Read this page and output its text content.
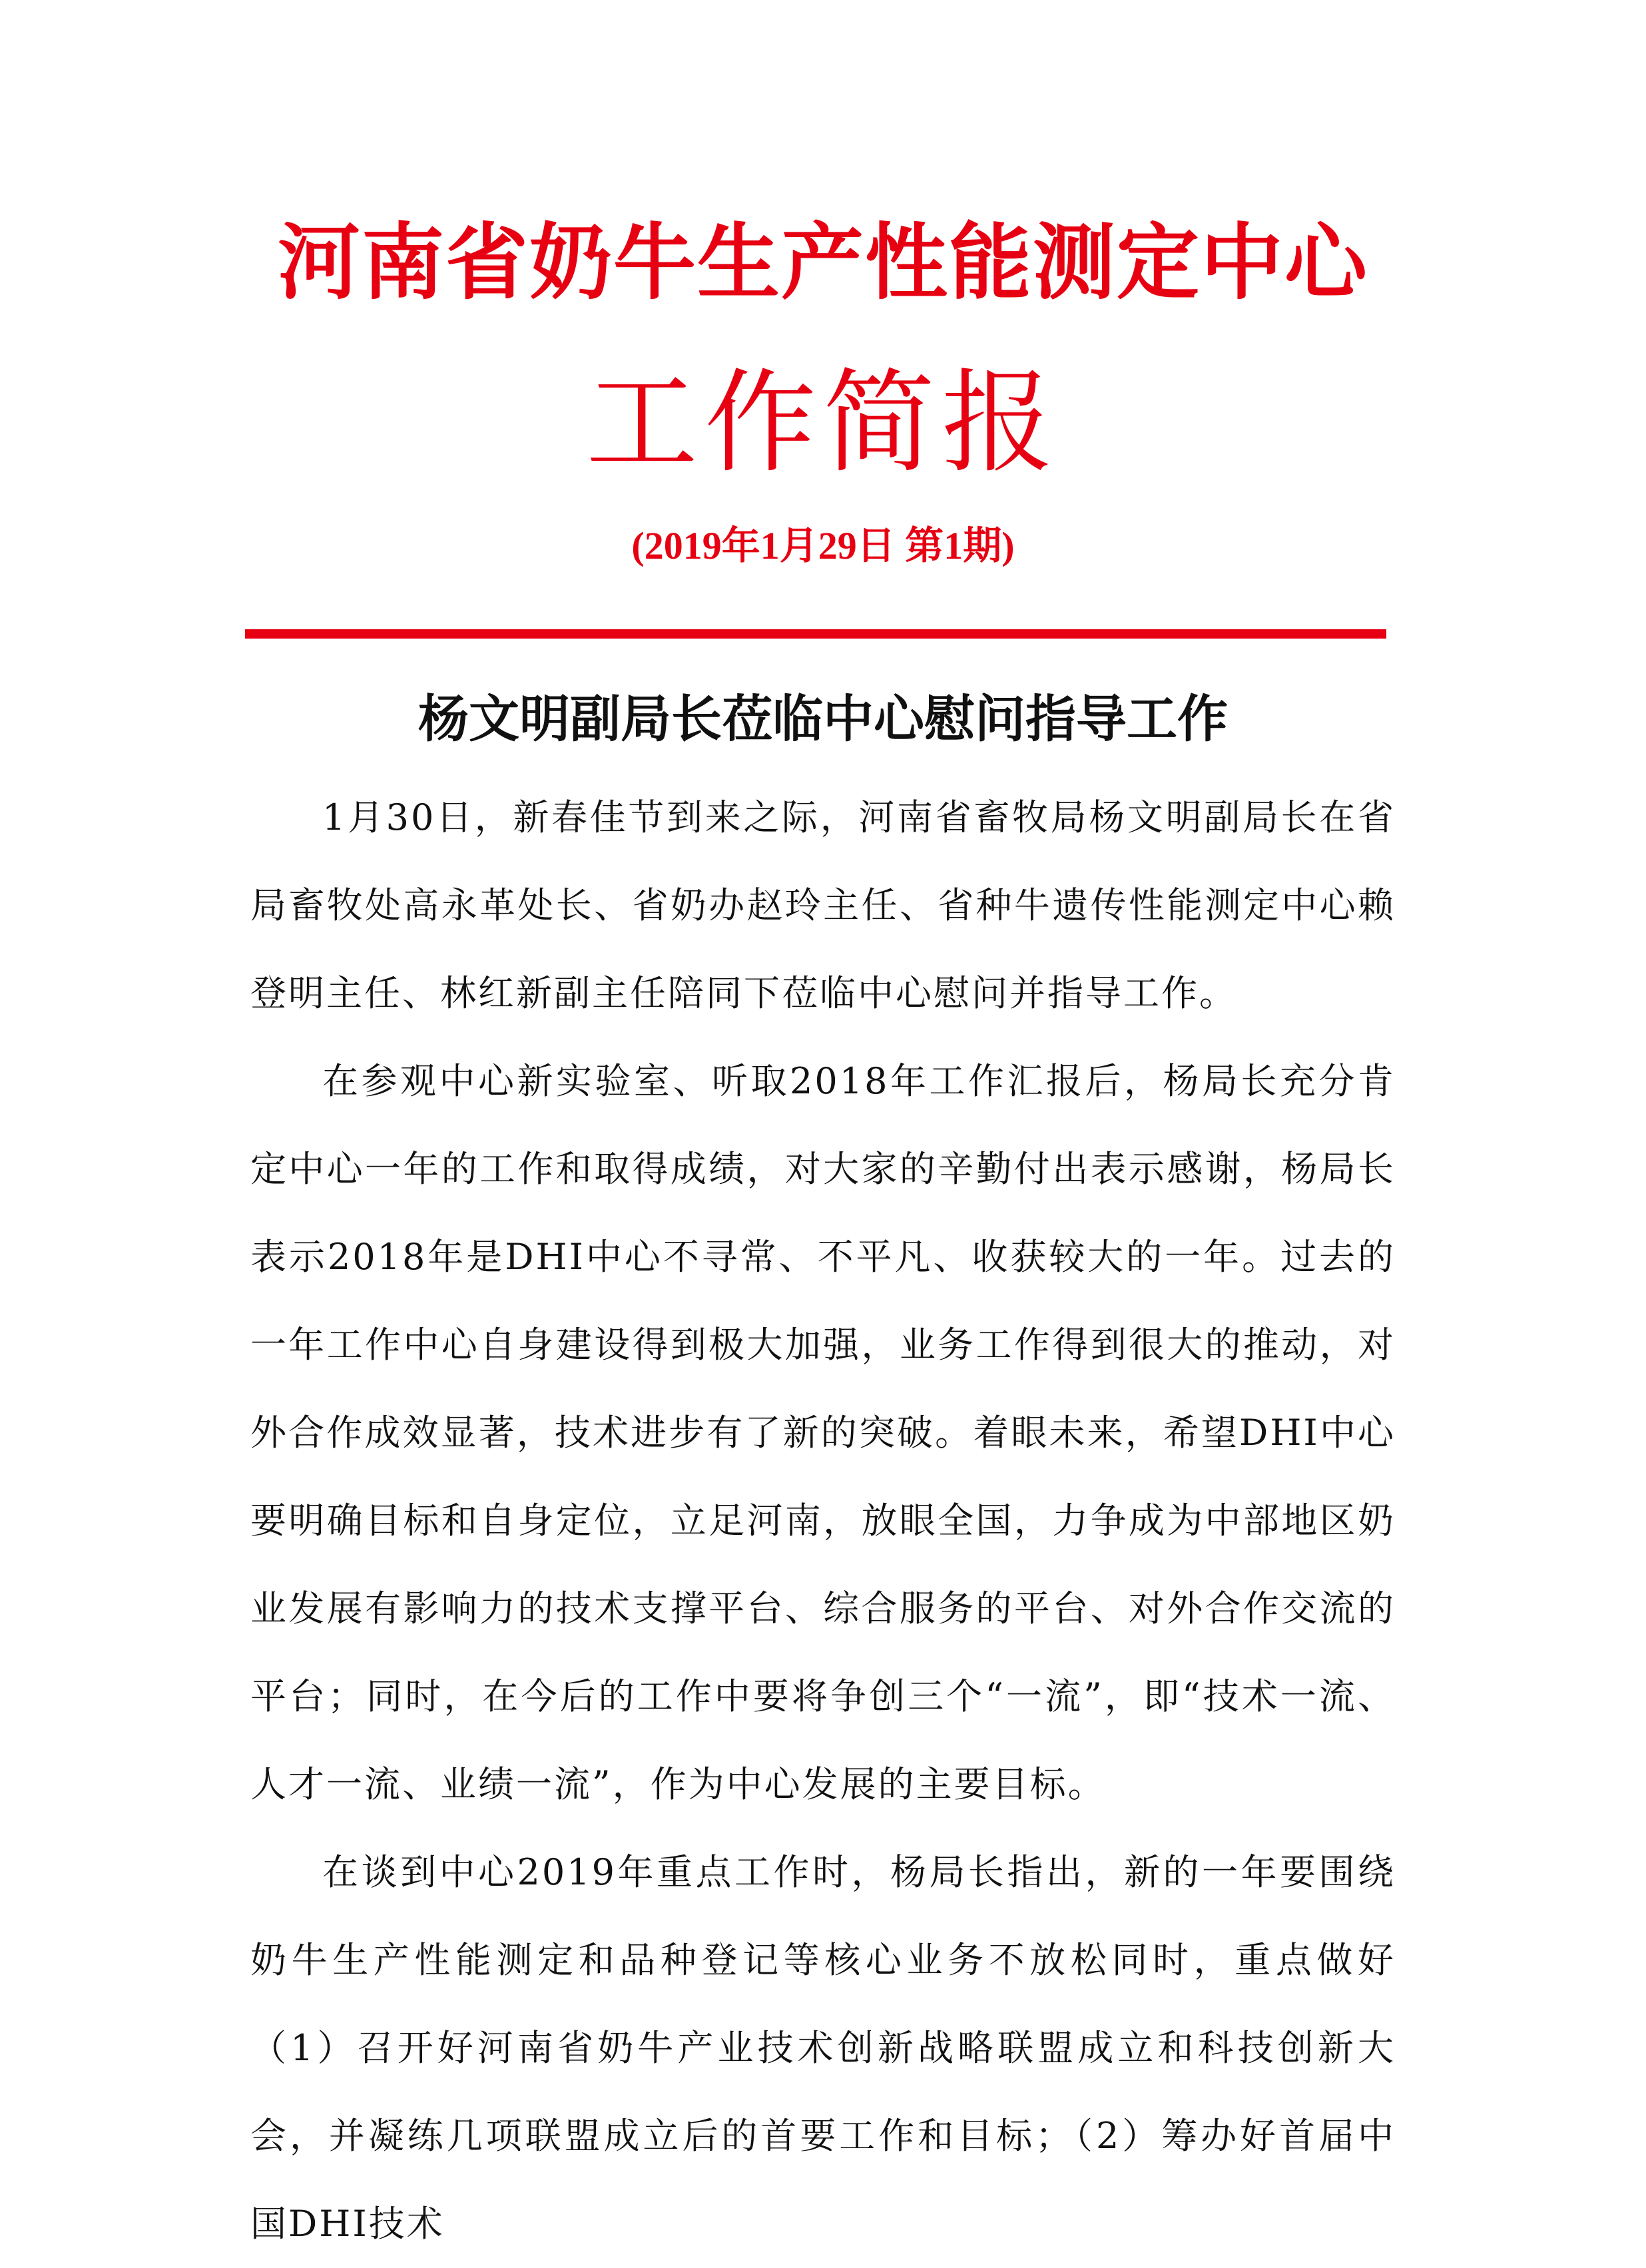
河南省奶牛生产性能测定中心
工作简报
(2019年1月29日 第1期)
杨文明副局长莅临中心慰问指导工作

1月30日，新春佳节到来之际，河南省畜牧局杨文明副局长在省局畜牧处高永革处长、省奶办赵玲主任、省种牛遗传性能测定中心赖登明主任、林红新副主任陪同下莅临中心慰问并指导工作。

在参观中心新实验室、听取2018年工作汇报后，杨局长充分肯定中心一年的工作和取得成绩，对大家的辛勤付出表示感谢，杨局长表示2018年是DHI中心不寻常、不平凡、收获较大的一年。过去的一年工作中心自身建设得到极大加强，业务工作得到很大的推动，对外合作成效显著，技术进步有了新的突破。着眼未来，希望DHI中心要明确目标和自身定位，立足河南，放眼全国，力争成为中部地区奶业发展有影响力的技术支撑平台、综合服务的平台、对外合作交流的平台；同时，在今后的工作中要将争创三个“一流”，即“技术一流、人才一流、业绩一流”，作为中心发展的主要目标。

在谈到中心2019年重点工作时，杨局长指出，新的一年要围绕奶牛生产性能测定和品种登记等核心业务不放松同时，重点做好（1）召开好河南省奶牛产业技术创新战略联盟成立和科技创新大会，并凝练几项联盟成立后的首要工作和目标；（2）筹办好首届中国DHI技术
